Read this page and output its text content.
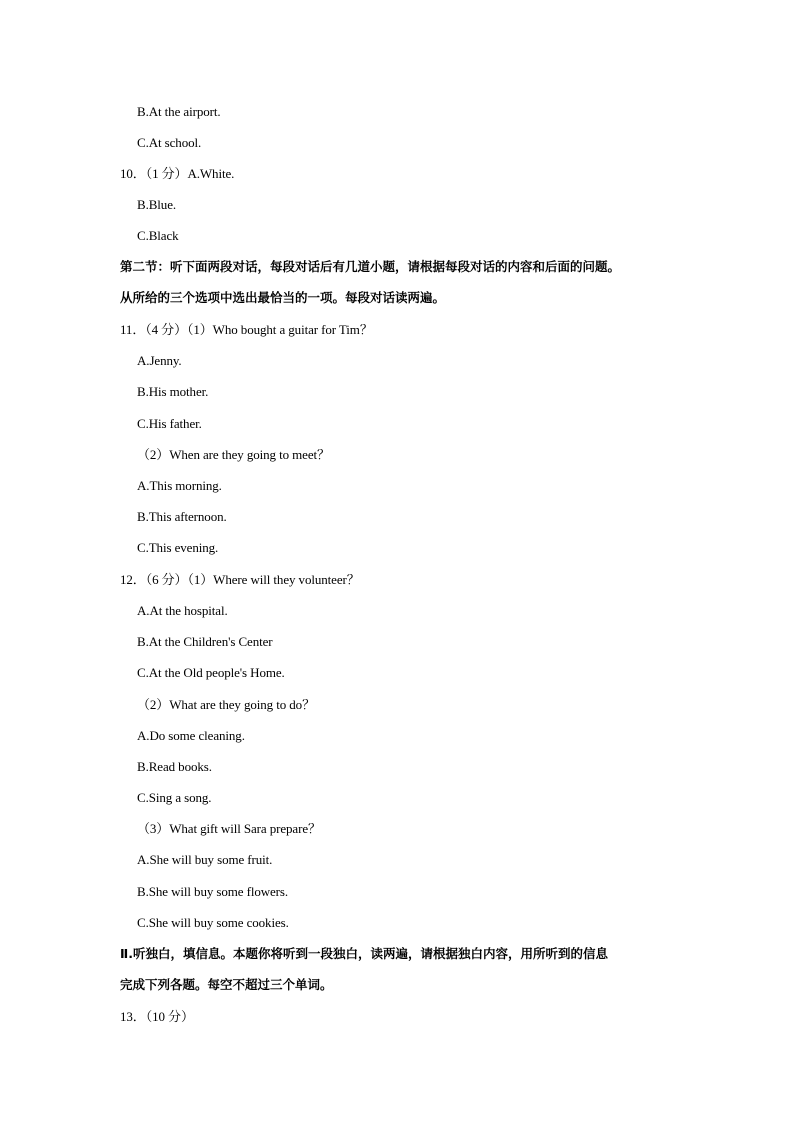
B.At the airport.
C.At school.
10．（1 分）A.White.
B.Blue.
C.Black
第二节：听下面两段对话，每段对话后有几道小题，请根据每段对话的内容和后面的问题。
从所给的三个选项中选出最恰当的一项。每段对话读两遍。
11．（4 分）（1）Who bought a guitar for Tim？
A.Jenny.
B.His mother.
C.His father.
（2）When are they going to meet？
A.This morning.
B.This afternoon.
C.This evening.
12．（6 分）（1）Where will they volunteer？
A.At the hospital.
B.At the Children's Center
C.At the Old people's Home.
（2）What are they going to do？
A.Do some cleaning.
B.Read books.
C.Sing a song.
（3）What gift will Sara prepare？
A.She will buy some fruit.
B.She will buy some flowers.
C.She will buy some cookies.
Ⅱ.听独白，填信息。本题你将听到一段独白，读两遍，请根据独白内容，用所听到的信息
完成下列各题。每空不超过三个单词。
13．（10 分）
